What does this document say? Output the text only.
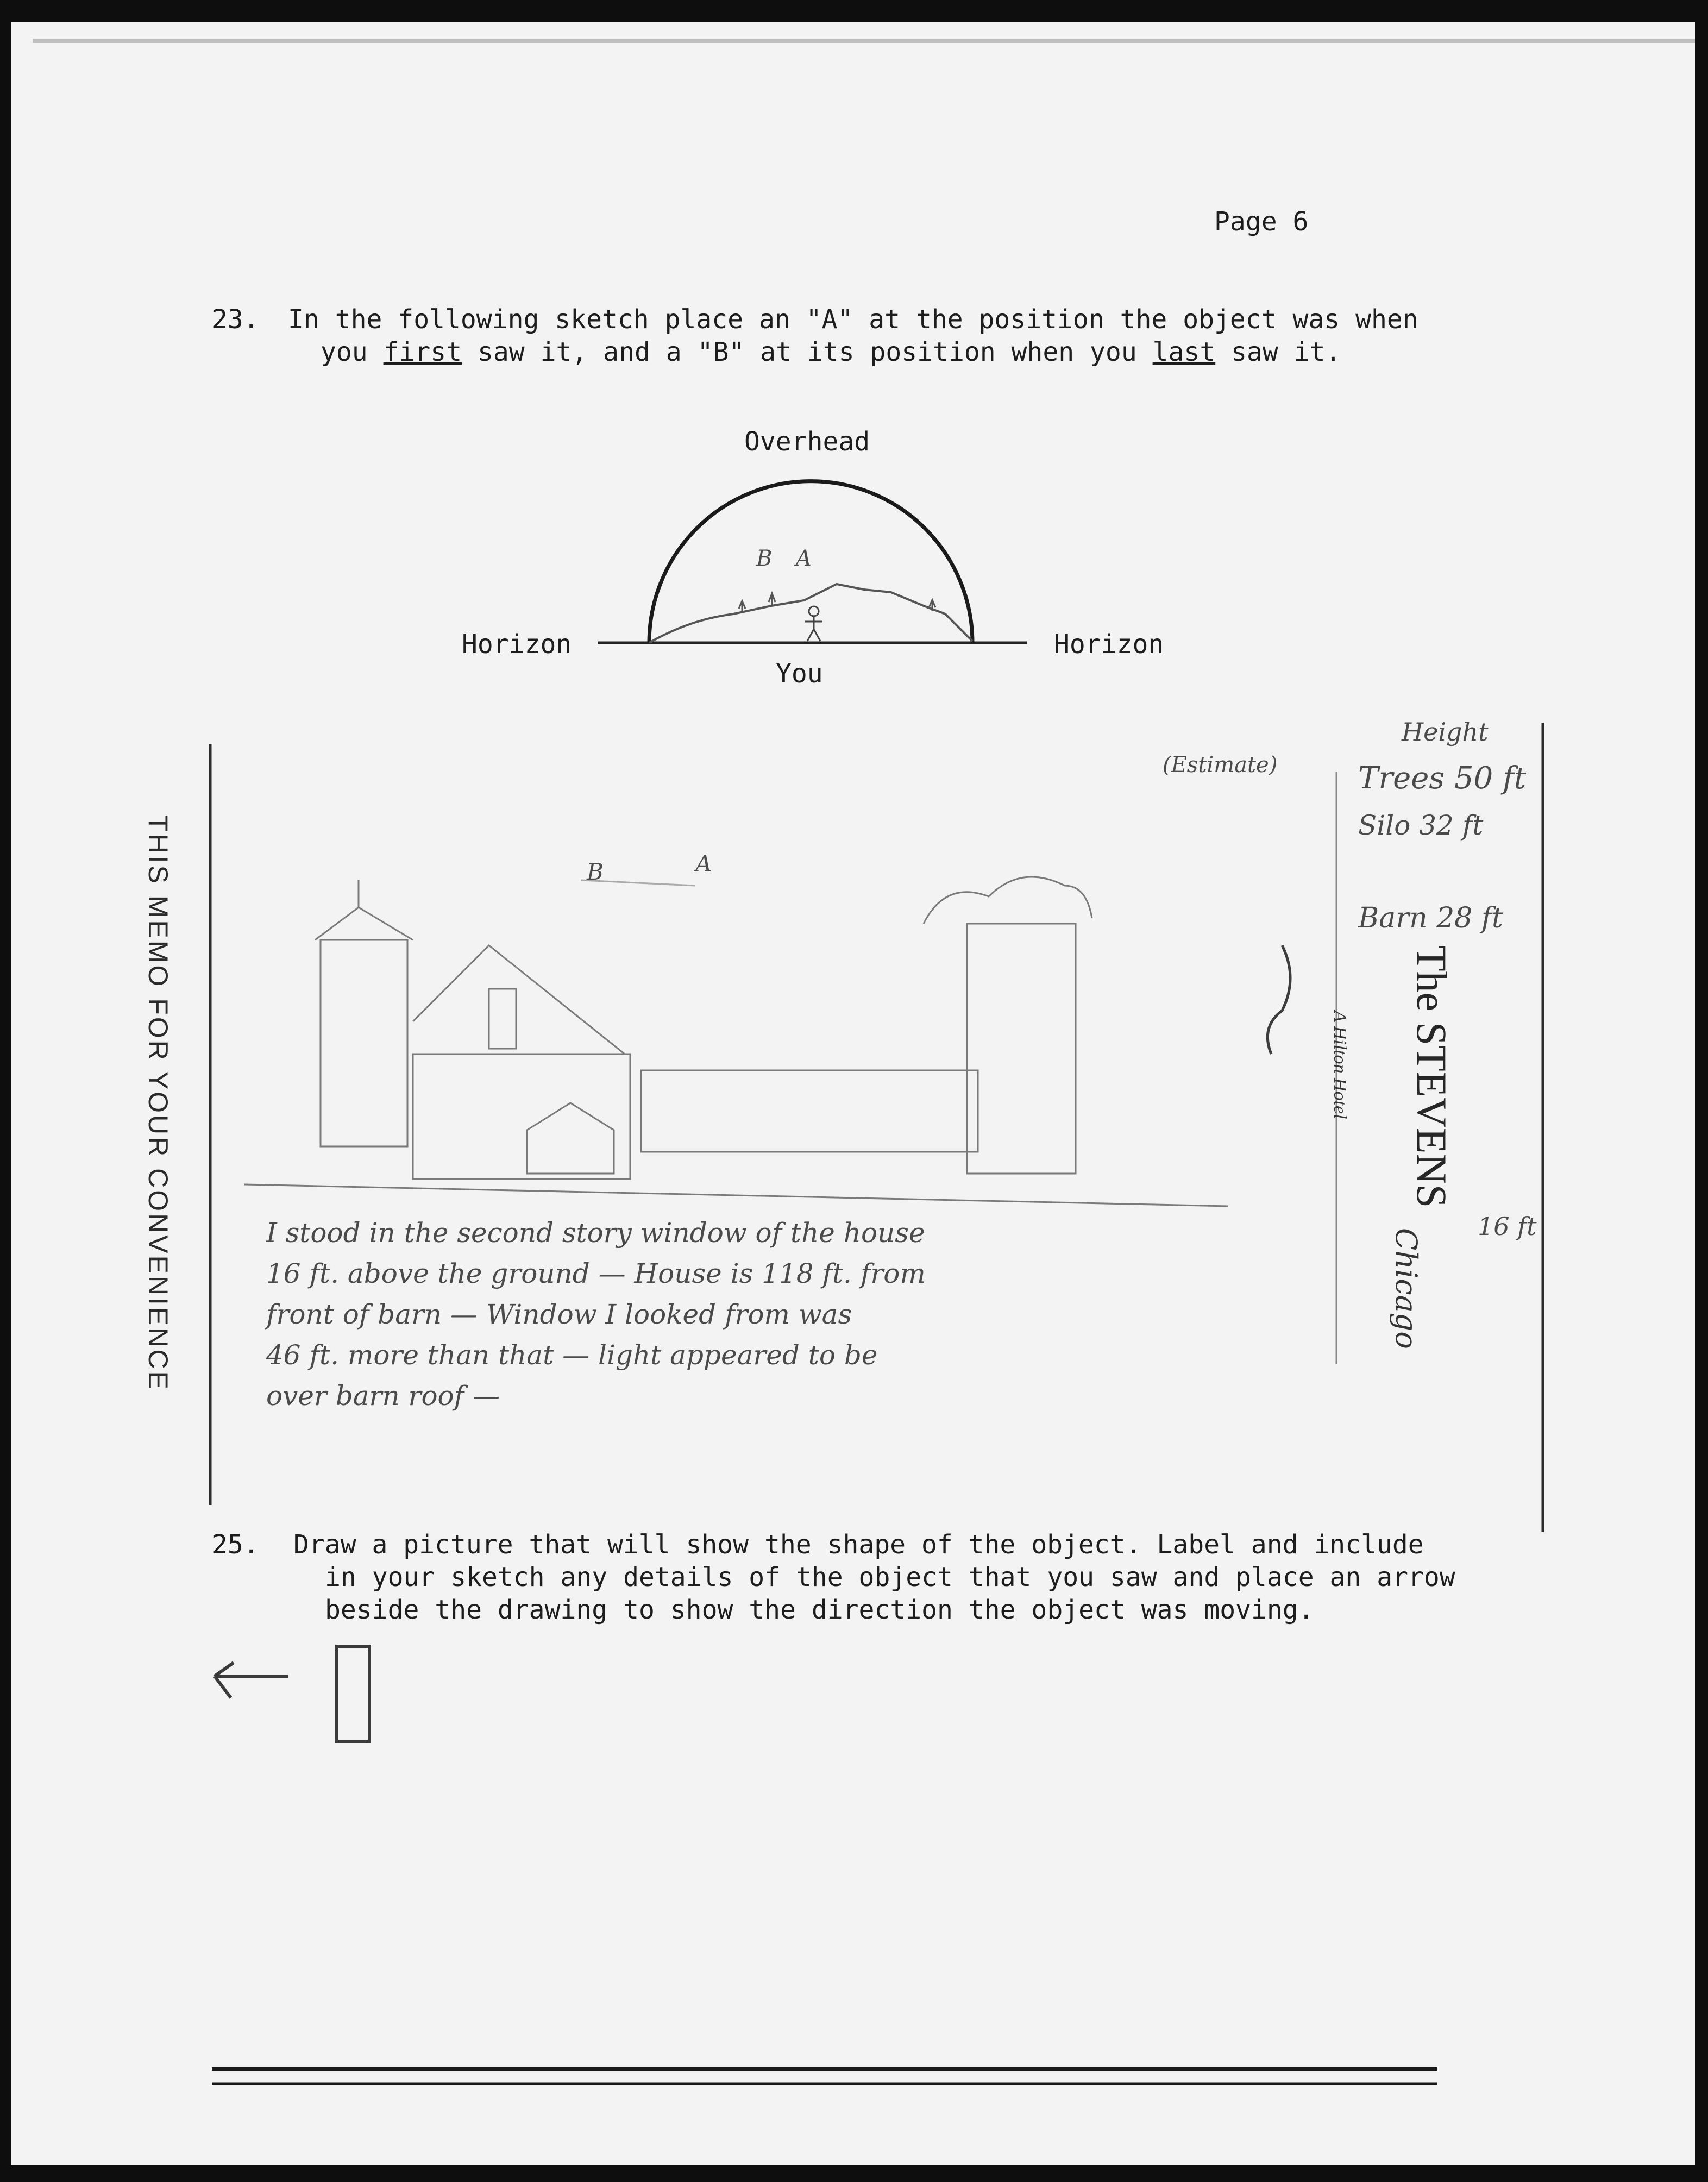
Page 6

23. In the following sketch place an "A" at the position the object was when

you first saw it, and a "B" at its position when you last saw it.

Overhead

Horizon	Horizon

You

B A

THIS MEMO FOR YOUR CONVENIENCE	The STEVENS

A Hilton Hotel

Chicago

(Estimate)

Height

Trees 50 ft

Silo 32 ft

Barn 28 ft

16 ft

B	A

I stood in the second story window of the house

16 ft. above the ground — House is 118 ft. from

front of barn — Window I looked from was

46 ft. more than that — light appeared to be

over barn roof —

25. Draw a picture that will show the shape of the object. Label and include

in your sketch any details of the object that you saw and place an arrow

beside the drawing to show the direction the object was moving.
